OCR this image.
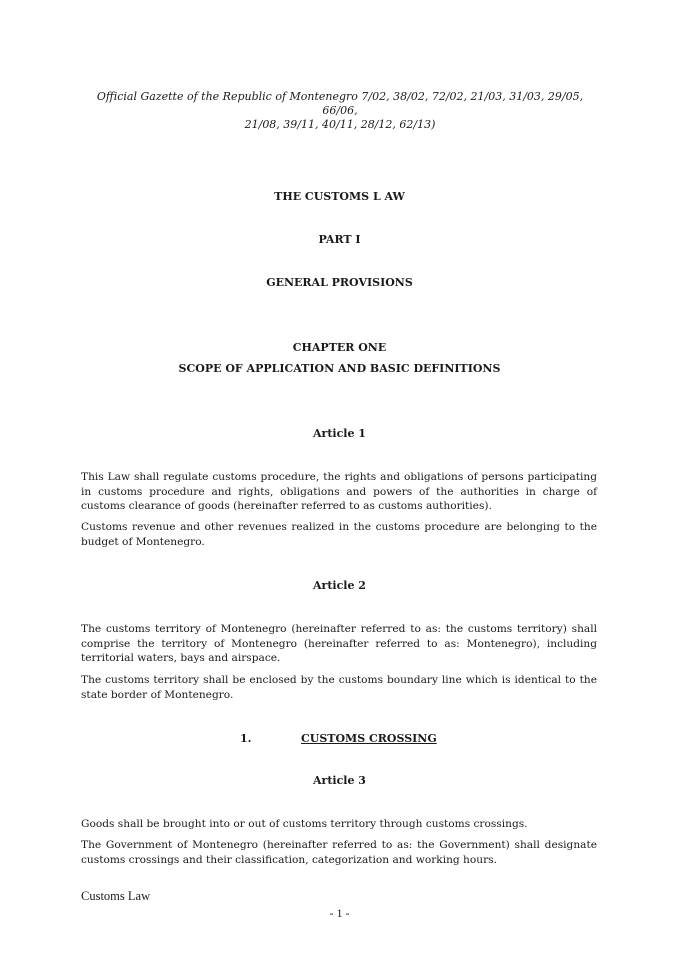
Official Gazette of the Republic of Montenegro 7/02, 38/02, 72/02, 21/03, 31/03, 29/05, 66/06,
21/08, 39/11, 40/11, 28/12, 62/13)
THE CUSTOMS L AW
PART I
GENERAL PROVISIONS
CHAPTER ONE
SCOPE OF APPLICATION AND BASIC DEFINITIONS
Article 1
This Law shall regulate customs procedure, the rights and obligations of persons participating in customs procedure and rights, obligations and powers of the authorities in charge of customs clearance of goods (hereinafter referred to as customs authorities).
Customs revenue and other revenues realized in the customs procedure are belonging to the budget of Montenegro.
Article 2
The customs territory of Montenegro (hereinafter referred to as: the customs territory) shall comprise the territory of Montenegro (hereinafter referred to as: Montenegro), including territorial waters, bays and airspace.
The customs territory shall be enclosed by the customs boundary line which is identical to the state border of Montenegro.
1.	CUSTOMS CROSSING
Article 3
Goods shall be brought into or out of customs territory through customs crossings.
The Government of Montenegro (hereinafter referred to as: the Government) shall designate customs crossings and their classification, categorization and working hours.
Customs Law
- 1 -
